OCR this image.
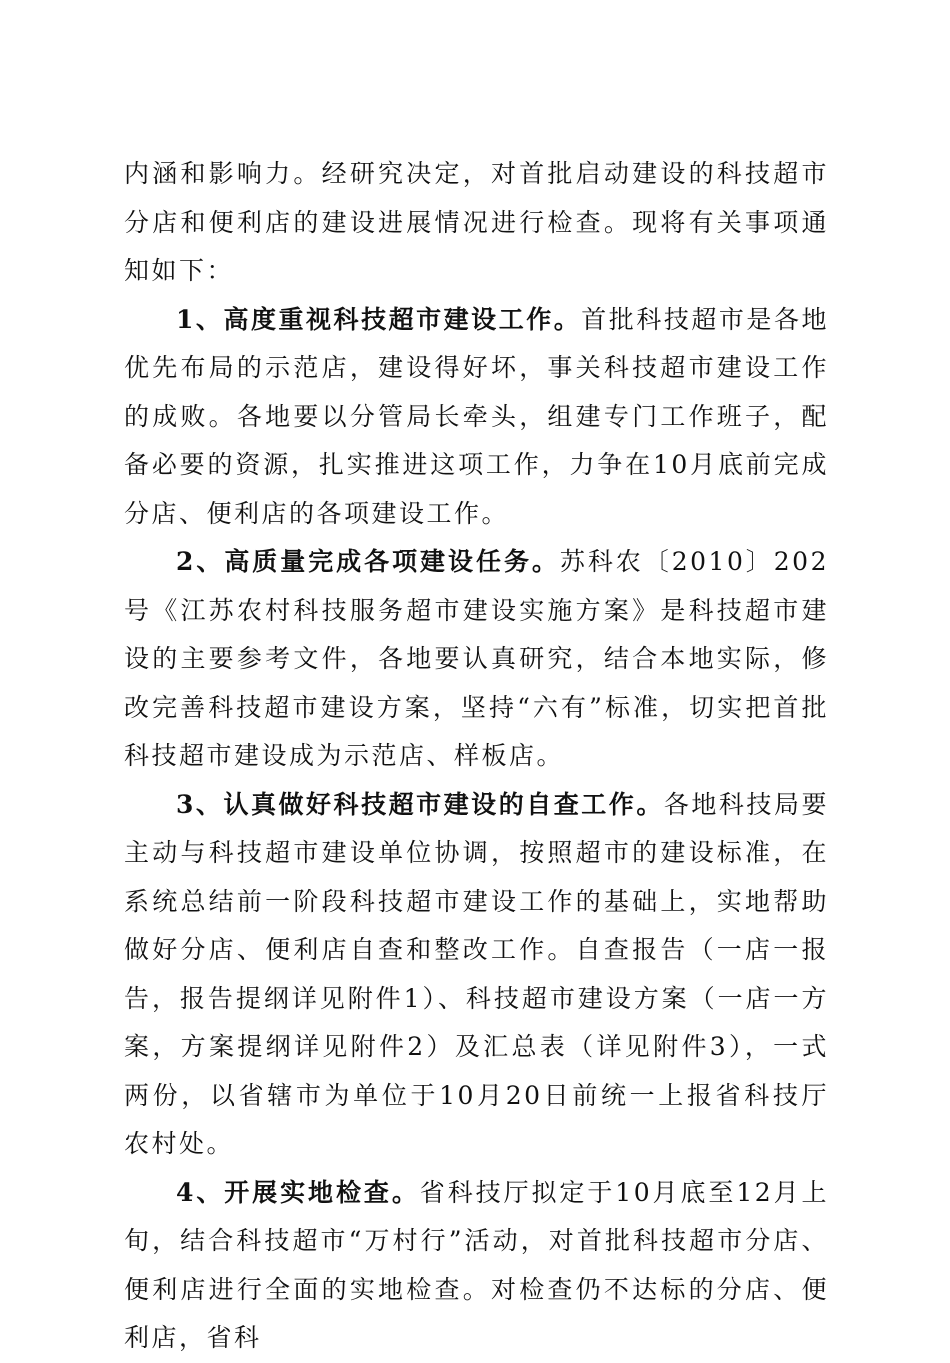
内涵和影响力。经研究决定，对首批启动建设的科技超市分店和便利店的建设进展情况进行检查。现将有关事项通知如下：

1、高度重视科技超市建设工作。首批科技超市是各地优先布局的示范店，建设得好坏，事关科技超市建设工作的成败。各地要以分管局长牵头，组建专门工作班子，配备必要的资源，扎实推进这项工作，力争在10月底前完成分店、便利店的各项建设工作。

2、高质量完成各项建设任务。苏科农〔2010〕202号《江苏农村科技服务超市建设实施方案》是科技超市建设的主要参考文件，各地要认真研究，结合本地实际，修改完善科技超市建设方案，坚持“六有”标准，切实把首批科技超市建设成为示范店、样板店。

3、认真做好科技超市建设的自查工作。各地科技局要主动与科技超市建设单位协调，按照超市的建设标准，在系统总结前一阶段科技超市建设工作的基础上，实地帮助做好分店、便利店自查和整改工作。自查报告（一店一报告，报告提纲详见附件1）、科技超市建设方案（一店一方案，方案提纲详见附件2）及汇总表（详见附件3），一式两份，以省辖市为单位于10月20日前统一上报省科技厅农村处。

4、开展实地检查。省科技厅拟定于10月底至12月上旬，结合科技超市“万村行”活动，对首批科技超市分店、便利店进行全面的实地检查。对检查仍不达标的分店、便利店，省科
